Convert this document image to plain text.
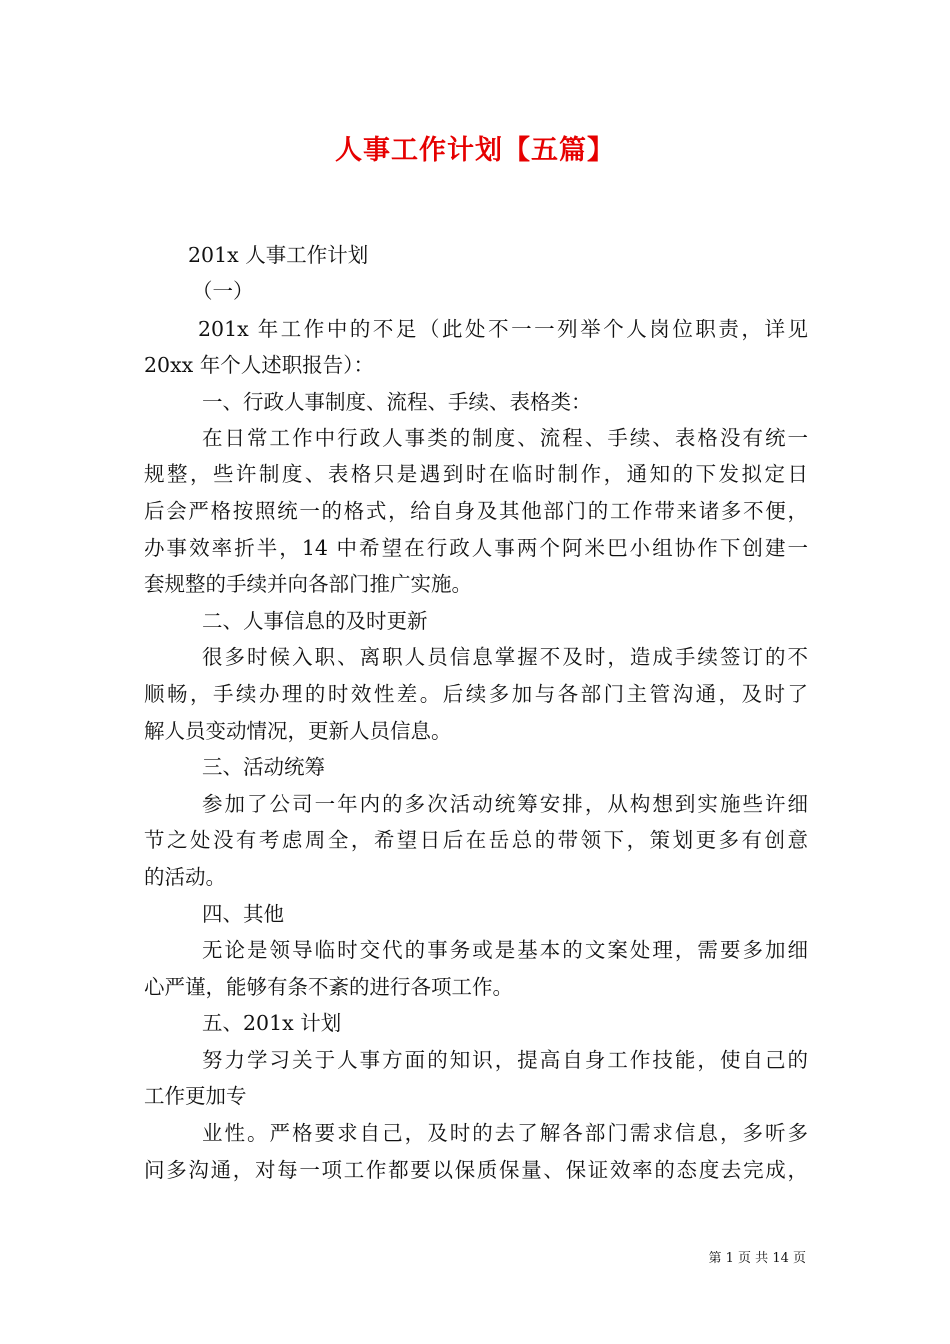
人事工作计划【五篇】
201x 人事工作计划
（一）
201x 年工作中的不足（此处不一一列举个人岗位职责，详见
20xx 年个人述职报告）：
一、行政人事制度、流程、手续、表格类：
在日常工作中行政人事类的制度、流程、手续、表格没有统一
规整，些许制度、表格只是遇到时在临时制作，通知的下发拟定日
后会严格按照统一的格式，给自身及其他部门的工作带来诸多不便，
办事效率折半，14 中希望在行政人事两个阿米巴小组协作下创建一
套规整的手续并向各部门推广实施。
二、人事信息的及时更新
很多时候入职、离职人员信息掌握不及时，造成手续签订的不
顺畅，手续办理的时效性差。后续多加与各部门主管沟通，及时了
解人员变动情况，更新人员信息。
三、活动统筹
参加了公司一年内的多次活动统筹安排，从构想到实施些许细
节之处没有考虑周全，希望日后在岳总的带领下，策划更多有创意
的活动。
四、其他
无论是领导临时交代的事务或是基本的文案处理，需要多加细
心严谨，能够有条不紊的进行各项工作。
五、201x 计划
努力学习关于人事方面的知识，提高自身工作技能，使自己的
工作更加专
业性。严格要求自己，及时的去了解各部门需求信息，多听多
问多沟通，对每一项工作都要以保质保量、保证效率的态度去完成，
第 1 页 共 14 页
